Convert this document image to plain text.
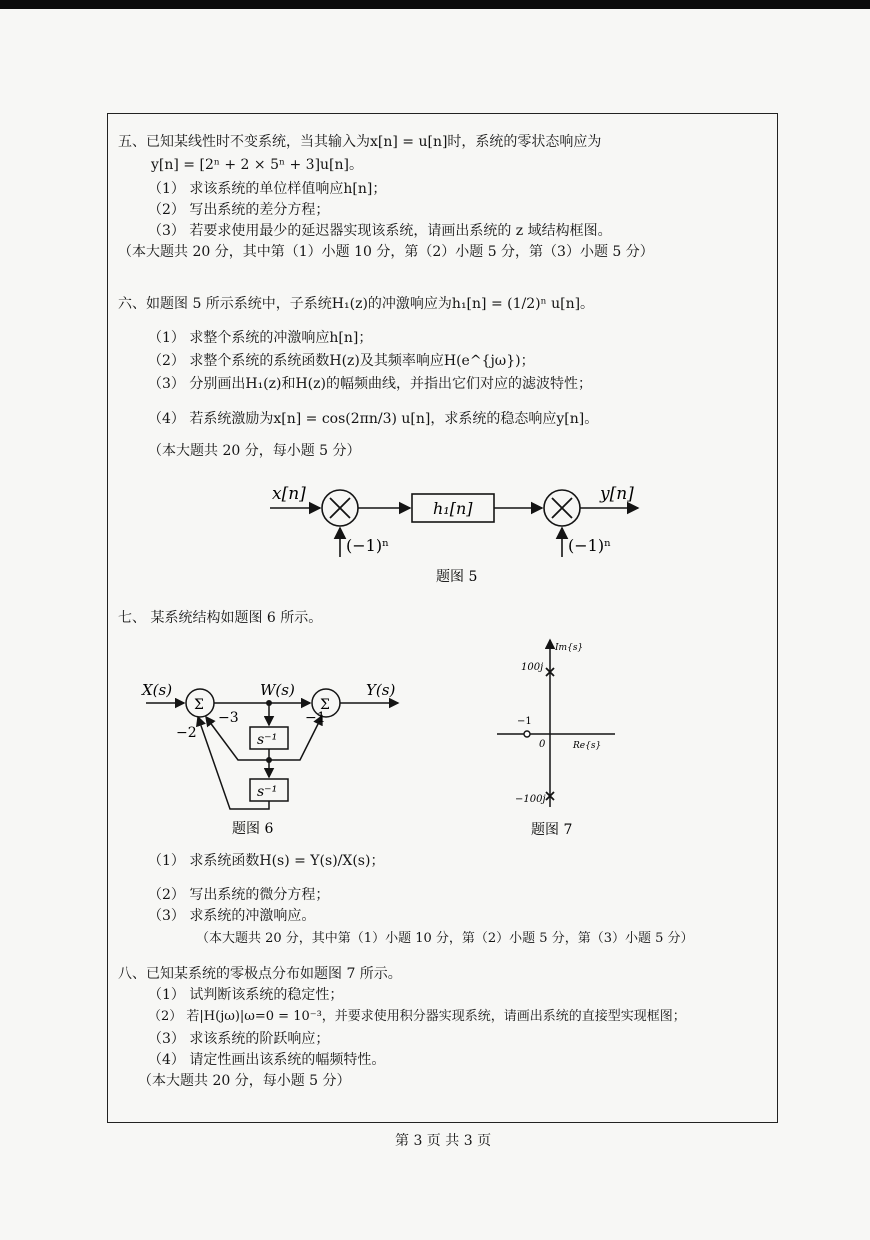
五、已知某线性时不变系统，当其输入为x[n] = u[n]时，系统的零状态响应为
y[n] = [2ⁿ + 2 × 5ⁿ + 3]u[n]。
（1） 求该系统的单位样值响应h[n]；
（2） 写出系统的差分方程；
（3） 若要求使用最少的延迟器实现该系统，请画出系统的 z 域结构框图。
（本大题共 20 分，其中第（1）小题 10 分，第（2）小题 5 分，第（3）小题 5 分）
六、如题图 5 所示系统中，子系统H₁(z)的冲激响应为h₁[n] = (1/2)ⁿ u[n]。
（1） 求整个系统的冲激响应h[n]；
（2） 求整个系统的系统函数H(z)及其频率响应H(e^{jω})；
（3） 分别画出H₁(z)和H(z)的幅频曲线，并指出它们对应的滤波特性；
（4） 若系统激励为x[n] = cos(2πn/3) u[n]，求系统的稳态响应y[n]。
（本大题共 20 分，每小题 5 分）
x[n]
h₁[n]
y[n]
(−1)ⁿ	(−1)ⁿ
题图 5
七、 某系统结构如题图 6 所示。
X(s)
Σ
W(s)
Σ
Y(s)
s⁻¹
s⁻¹
−1
−3
−2
题图 6
Im{s}
Re{s}
0
100j
−100j
−1
题图 7
（1） 求系统函数H(s) = Y(s)/X(s)；
（2） 写出系统的微分方程；
（3） 求系统的冲激响应。
（本大题共 20 分，其中第（1）小题 10 分，第（2）小题 5 分，第（3）小题 5 分）
八、已知某系统的零极点分布如题图 7 所示。
（1） 试判断该系统的稳定性；
（2） 若|H(jω)|ω=0 = 10⁻³，并要求使用积分器实现系统，请画出系统的直接型实现框图；
（3） 求该系统的阶跃响应；
（4） 请定性画出该系统的幅频特性。
（本大题共 20 分，每小题 5 分）
第 3 页 共 3 页
